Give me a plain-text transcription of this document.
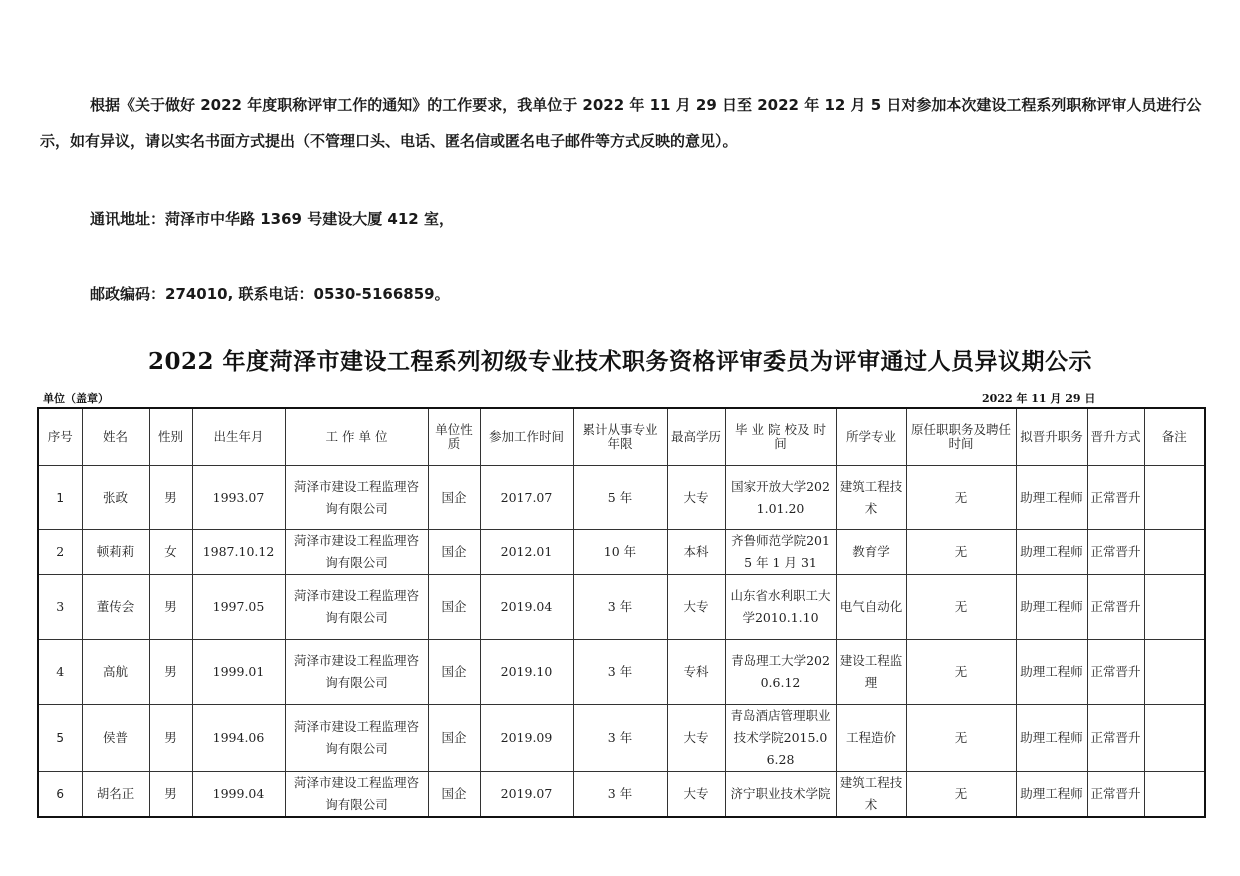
根据《关于做好 2022 年度职称评审工作的通知》的工作要求，我单位于 2022 年 11 月 29 日至 2022 年 12 月 5 日对参加本次建设工程系列职称评审人员进行公示，如有异议，请以实名书面方式提出（不管理口头、电话、匿名信或匿名电子邮件等方式反映的意见）。
通讯地址：菏泽市中华路 1369 号建设大厦 412 室，
邮政编码：274010, 联系电话：0530-5166859。
2022 年度菏泽市建设工程系列初级专业技术职务资格评审委员为评审通过人员异议期公示
单位（盖章）	2022 年 11 月 29 日
序号	姓名	性别	出生年月	工 作 单 位	单位性质	参加工作时间	累计从事专业年限	最高学历	毕 业 院 校及 时 间	所学专业	原任职职务及聘任时间	拟晋升职务	晋升方式	备注
1	张政	男	1993.07	菏泽市建设工程监理咨询有限公司	国企	2017.07	5 年	大专	国家开放大学2021.01.20	建筑工程技术	无	助理工程师	正常晋升	
2	顿莉莉	女	1987.10.12	菏泽市建设工程监理咨询有限公司	国企	2012.01	10 年	本科	齐鲁师范学院2015 年 1 月 31	教育学	无	助理工程师	正常晋升	
3	董传会	男	1997.05	菏泽市建设工程监理咨询有限公司	国企	2019.04	3 年	大专	山东省水利职工大学2010.1.10	电气自动化	无	助理工程师	正常晋升	
4	高航	男	1999.01	菏泽市建设工程监理咨询有限公司	国企	2019.10	3 年	专科	青岛理工大学2020.6.12	建设工程监理	无	助理工程师	正常晋升	
5	侯普	男	1994.06	菏泽市建设工程监理咨询有限公司	国企	2019.09	3 年	大专	青岛酒店管理职业技术学院2015.06.28	工程造价	无	助理工程师	正常晋升	
6	胡名正	男	1999.04	菏泽市建设工程监理咨询有限公司	国企	2019.07	3 年	大专	济宁职业技术学院	建筑工程技术	无	助理工程师	正常晋升	
